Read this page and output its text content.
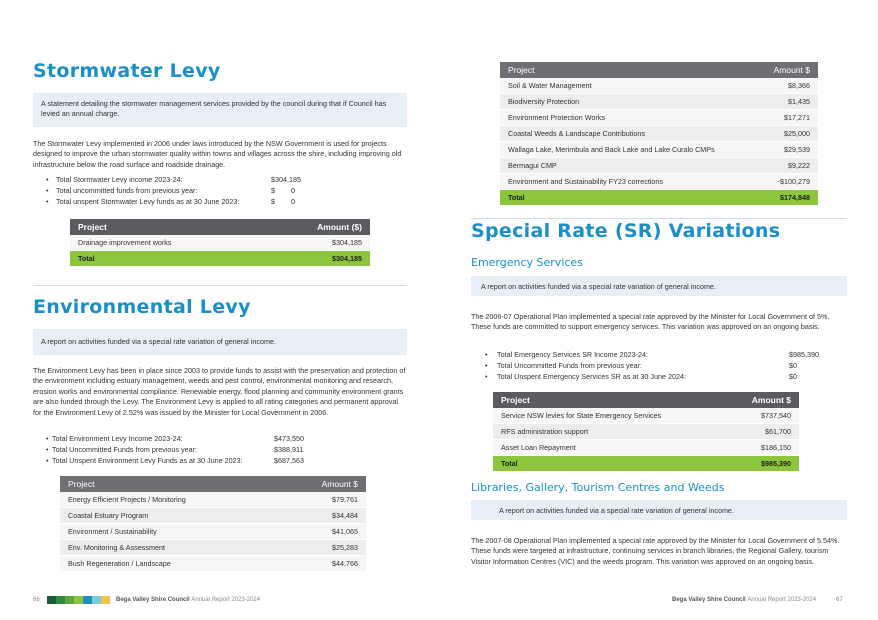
Stormwater Levy
A statement detailing the stormwater management services provided by the council during that if Council has levied an annual charge.
The Stormwater Levy implemented in 2006 under laws introduced by the NSW Government is used for projects designed to improve the urban stormwater quality within towns and villages across the shire, including improving old infrastructure below the road surface and roadside drainage.
•	Total Stormwater Levy income 2023-24:	$304,185
•	Total uncommitted funds from previous year:	$        0
•	Total unspent Stormwater Levy funds as at 30 June 2023:	$        0
Project	Amount ($)
Drainage improvement works	$304,185
Total	$304,185
Environmental Levy
A report on activities funded via a special rate variation of general income.
The Environment Levy has been in place since 2003 to provide funds to assist with the preservation and protection of the environment including estuary management, weeds and pest control, environmental monitoring and research, erosion works and environmental compliance. Renewable energy, flood planning and community environment grants are also funded through the Levy. The Environment Levy is applied to all rating categories and permanent approval for the Environment Levy of 2.52% was issued by the Minister for Local Government in 2006.
• Total Environment Levy Income 2023-24:	$473,550
• Total Uncommitted Funds from previous year:	$388,911
• Total Unspent Environment Levy Funds as at 30 June 2023:	$687,563
Project	Amount $
Energy Efficient Projects / Monitoring	$79,761
Coastal Estuary Program	$34,484
Environment / Sustainability	$41,065
Env. Monitoring & Assessment	$25,283
Bush Regeneration / Landscape	$44,766
66	Bega Valley Shire Council Annual Report 2023-2024
Project	Amount $
Soil & Water Management	$8,366
Biodiversity Protection	$1,435
Environment Protection Works	$17,271
Coastal Weeds & Landscape Contributions	$25,000
Wallaga Lake, Merimbula and Back Lake and Lake Curalo CMPs	$29,539
Bermagui CMP	$9,222
Environment and Sustainability FY23 corrections	-$100,279
Total	$174,848
Special Rate (SR) Variations
Emergency Services
A report on activities funded via a special rate variation of general income.
The 2006-07 Operational Plan implemented a special rate approved by the Minister for Local Government of 5%. These funds are committed to support emergency services. This variation was approved on an ongoing basis.
•	Total Emergency Services SR Income 2023-24:	$985,390
•	Total Uncommitted Funds from previous year:	$0
•	Total Unspent Emergency Services SR as at 30 June 2024:	$0
Project	Amount $
Service NSW levies for State Emergency Services	$737,540
RFS administration support	$61,700
Asset Loan Repayment	$186,150
Total	$985,390
Libraries, Gallery, Tourism Centres and Weeds
A report on activities funded via a special rate variation of general income.
The 2007-08 Operational Plan implemented a special rate approved by the Minister for Local Government of 5.54%. These funds were targeted at infrastructure, continuing services in branch libraries, the Regional Gallery, tourism Visitor Information Centres (VIC) and the weeds program. This variation was approved on an ongoing basis.
Bega Valley Shire Council Annual Report 2023-2024	67
